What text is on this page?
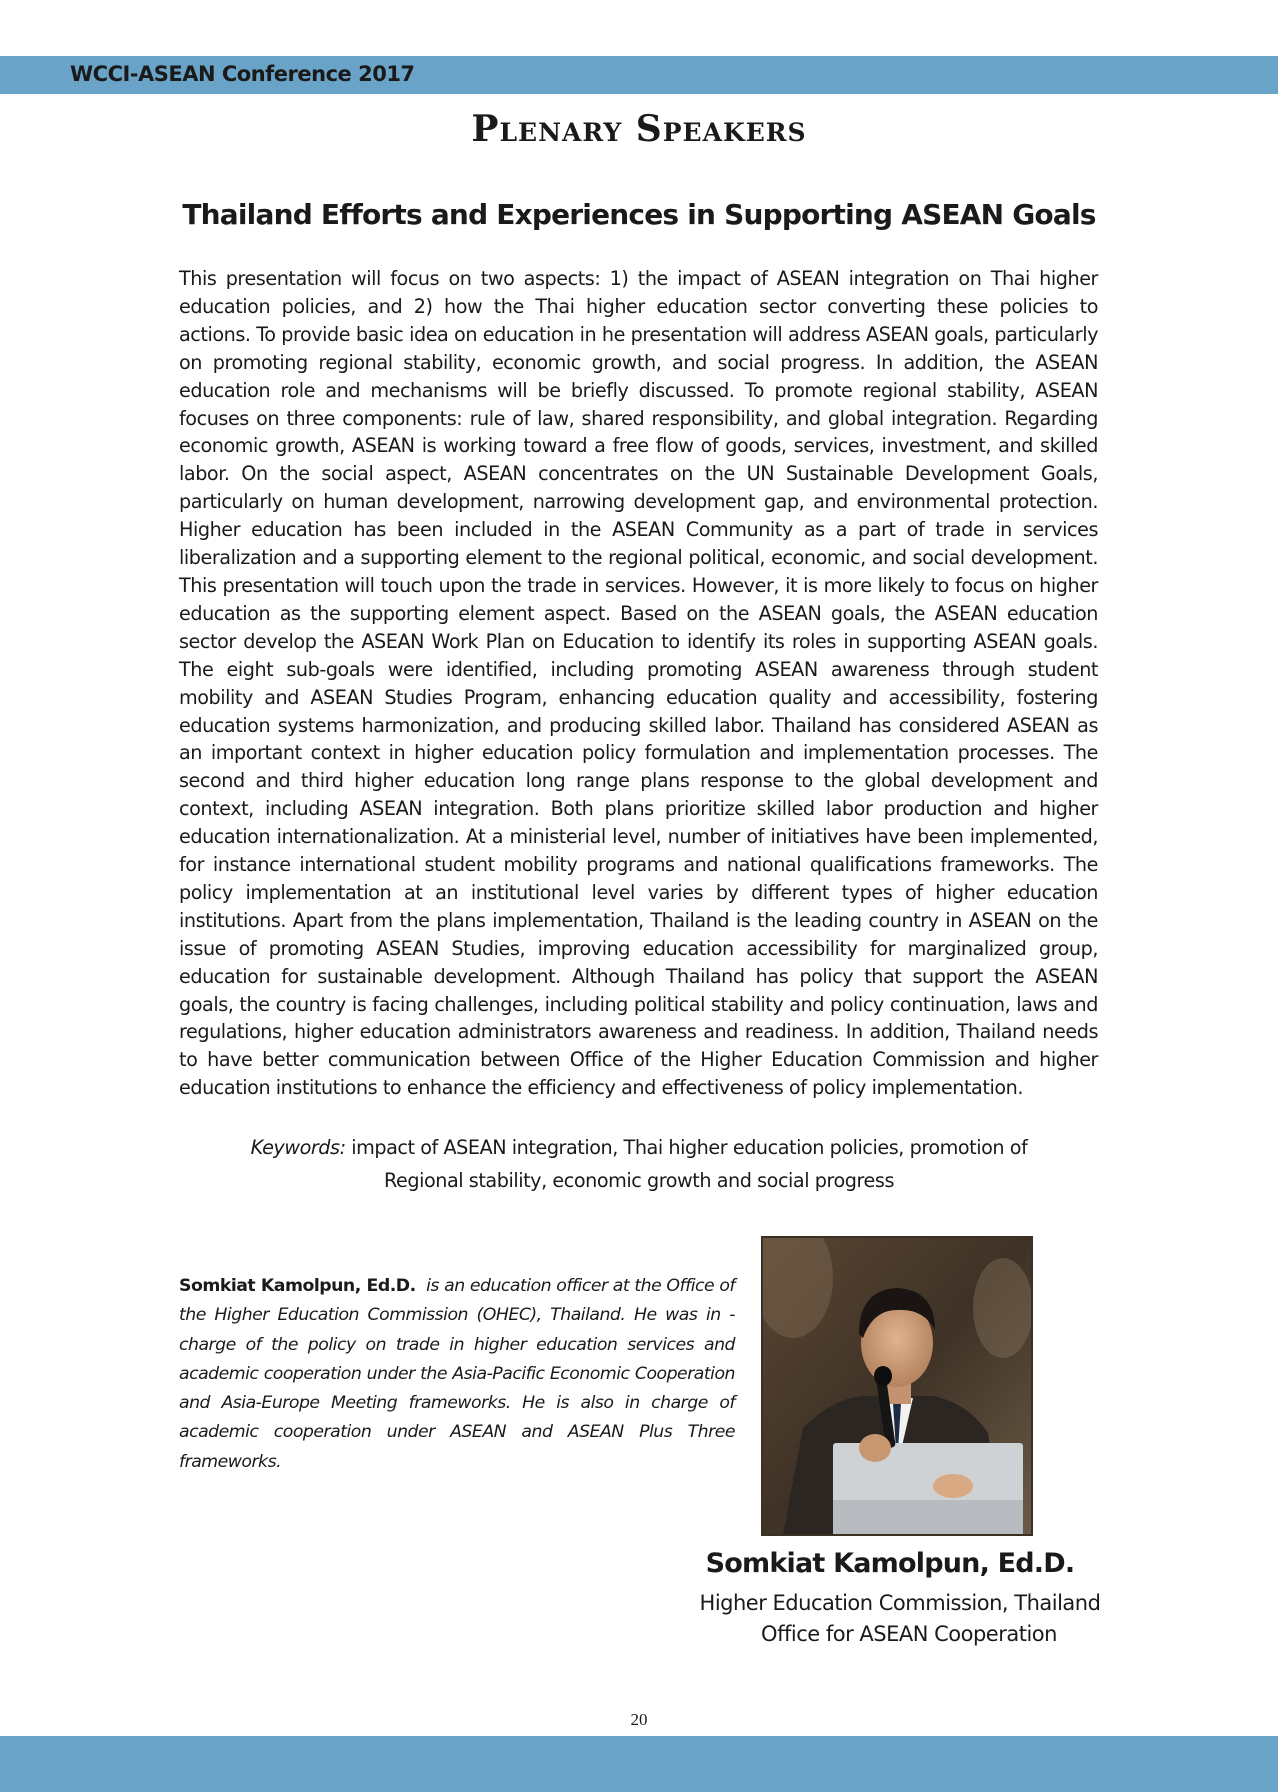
WCCI-ASEAN Conference 2017
Plenary Speakers
Thailand Efforts and Experiences in Supporting ASEAN Goals

This presentation will focus on two aspects: 1) the impact of ASEAN integration on Thai higher education policies, and 2) how the Thai higher education sector converting these policies to actions. To provide basic idea on education in he presentation will address ASEAN goals, particularly on promoting regional stability, economic growth, and social progress. In addition, the ASEAN education role and mechanisms will be briefly discussed. To promote regional stability, ASEAN focuses on three components: rule of law, shared responsibility, and global integration. Regarding economic growth, ASEAN is working toward a free flow of goods, services, investment, and skilled labor. On the social aspect, ASEAN concentrates on the UN Sustainable Development Goals, particularly on human development, narrowing development gap, and environmental protection. Higher education has been included in the ASEAN Community as a part of trade in services liberalization and a supporting element to the regional political, economic, and social development. This presentation will touch upon the trade in services. However, it is more likely to focus on higher education as the supporting element aspect. Based on the ASEAN goals, the ASEAN education sector develop the ASEAN Work Plan on Education to identify its roles in supporting ASEAN goals. The eight sub-goals were identified, including promoting ASEAN awareness through student mobility and ASEAN Studies Program, enhancing education quality and accessibility, fostering education systems harmonization, and producing skilled labor. Thailand has considered ASEAN as an important context in higher education policy formulation and implementation processes. The second and third higher education long range plans response to the global development and context, including ASEAN integration. Both plans prioritize skilled labor production and higher education internationalization. At a ministerial level, number of initiatives have been implemented, for instance international student mobility programs and national qualifications frameworks. The policy implementation at an institutional level varies by different types of higher education institutions. Apart from the plans implementation, Thailand is the leading country in ASEAN on the issue of promoting ASEAN Studies, improving education accessibility for marginalized group, education for sustainable development. Although Thailand has policy that support the ASEAN goals, the country is facing challenges, including political stability and policy continuation, laws and regulations, higher education administrators awareness and readiness. In addition, Thailand needs to have better communication between Office of the Higher Education Commission and higher education institutions to enhance the efficiency and effectiveness of policy implementation.

Keywords: impact of ASEAN integration, Thai higher education policies, promotion of
Regional stability, economic growth and social progress

Somkiat Kamolpun, Ed.D. is an education officer at the Office of the Higher Education Commission (OHEC), Thailand. He was in -charge of the policy on trade in higher education services and academic cooperation under the Asia-Pacific Economic Cooperation and Asia-Europe Meeting frameworks. He is also in charge of academic cooperation under ASEAN and ASEAN Plus Three frameworks.

Somkiat Kamolpun, Ed.D.
Higher Education Commission, Thailand
Office for ASEAN Cooperation
20
